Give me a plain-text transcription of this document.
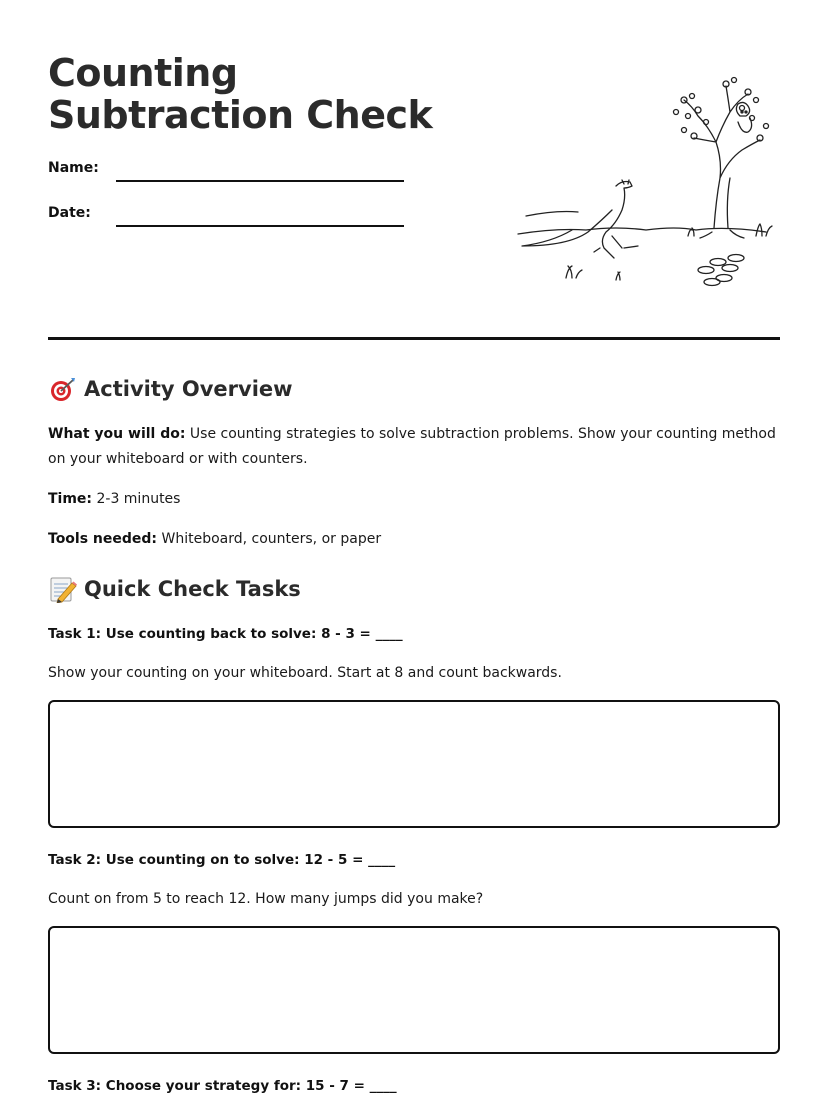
Counting Subtraction Check
Name:
Date:
Activity Overview

What you will do: Use counting strategies to solve subtraction problems. Show your counting method on your whiteboard or with counters.

Time: 2-3 minutes

Tools needed: Whiteboard, counters, or paper

Quick Check Tasks

Task 1: Use counting back to solve: 8 - 3 = ____

Show your counting on your whiteboard. Start at 8 and count backwards.

Task 2: Use counting on to solve: 12 - 5 = ____

Count on from 5 to reach 12. How many jumps did you make?

Task 3: Choose your strategy for: 15 - 7 = ____
